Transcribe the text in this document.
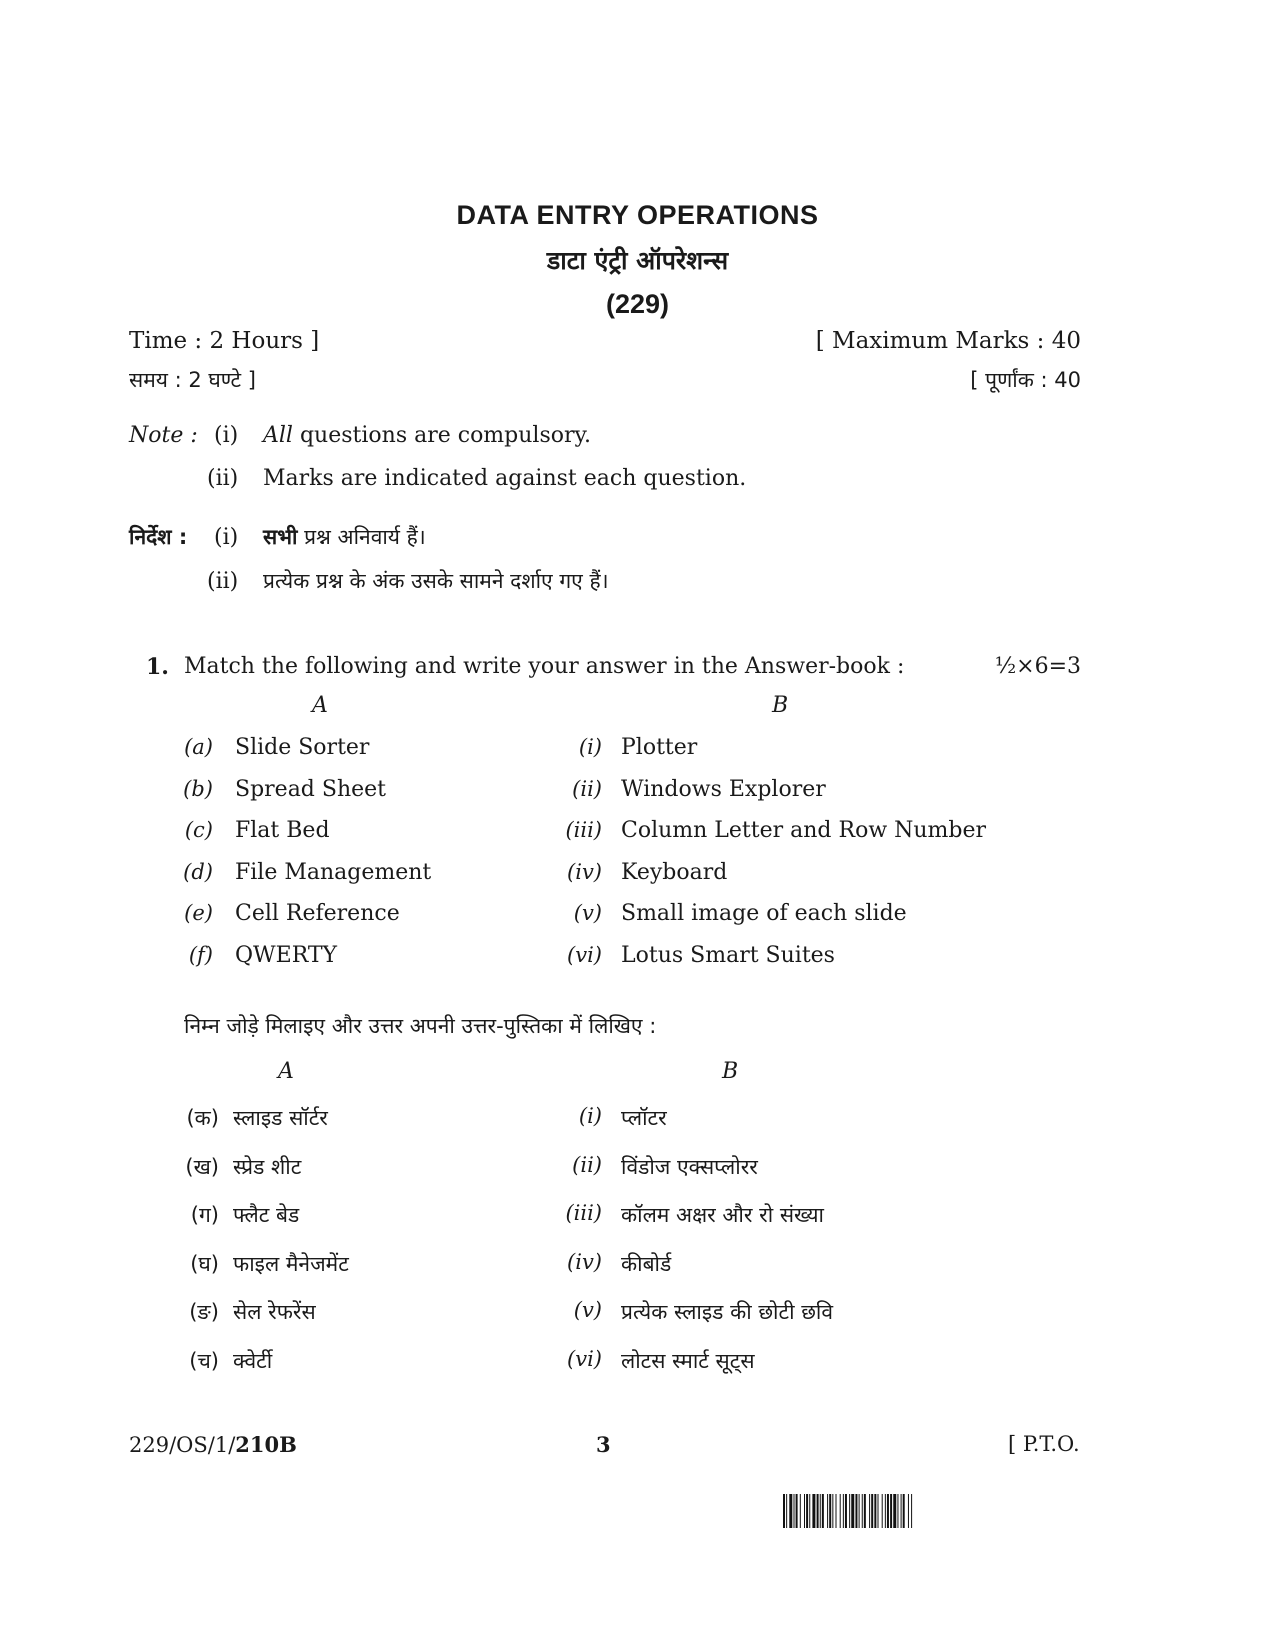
DATA ENTRY OPERATIONS
डाटा एंट्री ऑपरेशन्स
(229)
Time : 2 Hours ]
समय : 2 घण्टे ]
[ Maximum Marks : 40
[ पूर्णांक : 40
Note : (i) All questions are compulsory.
(ii) Marks are indicated against each question.
निर्देश : (i) सभी प्रश्न अनिवार्य हैं।
(ii) प्रत्येक प्रश्न के अंक उसके सामने दर्शाए गए हैं।
1. Match the following and write your answer in the Answer-book :	½×6=3
A	B
(a) Slide Sorter	(i) Plotter
(b) Spread Sheet	(ii) Windows Explorer
(c) Flat Bed	(iii) Column Letter and Row Number
(d) File Management	(iv) Keyboard
(e) Cell Reference	(v) Small image of each slide
(f) QWERTY	(vi) Lotus Smart Suites
निम्न जोड़े मिलाइए और उत्तर अपनी उत्तर-पुस्तिका में लिखिए :
A	B
(क) स्लाइड सॉर्टर	(i) प्लॉटर
(ख) स्प्रेड शीट	(ii) विंडोज एक्सप्लोरर
(ग) फ्लैट बेड	(iii) कॉलम अक्षर और रो संख्या
(घ) फाइल मैनेजमेंट	(iv) कीबोर्ड
(ङ) सेल रेफरेंस	(v) प्रत्येक स्लाइड की छोटी छवि
(च) क्वेर्टी	(vi) लोटस स्मार्ट सूट्स
229/OS/1/210B	3	[ P.T.O.
